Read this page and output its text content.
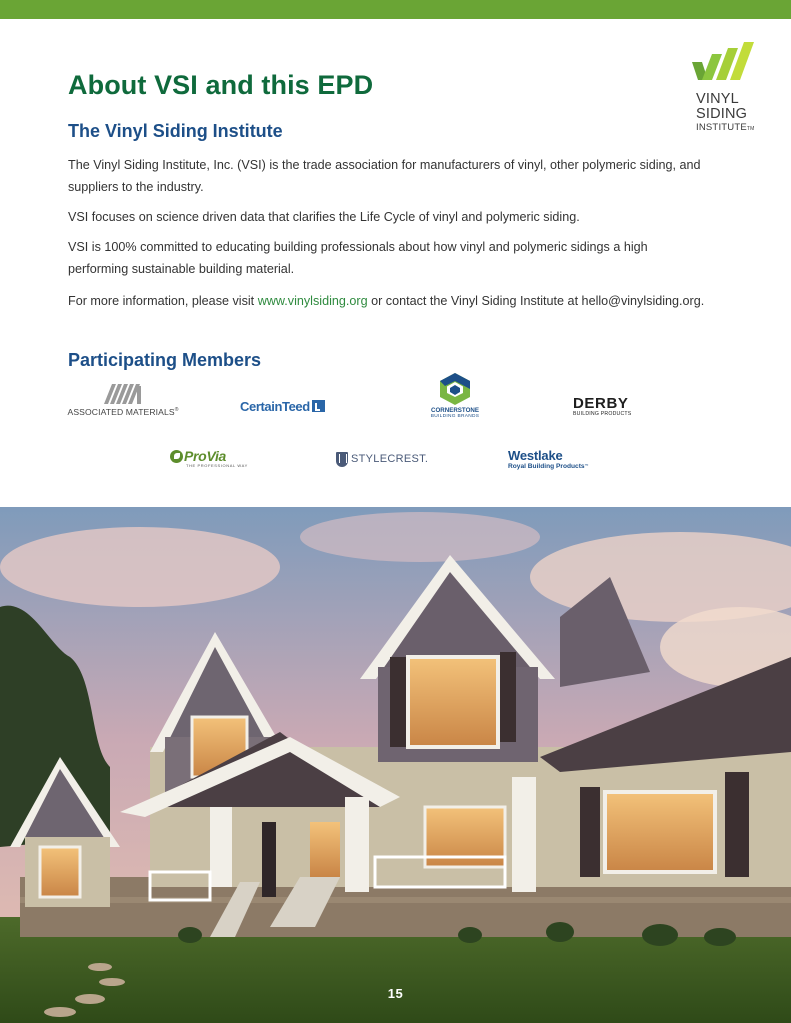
VINYL
SIDING
INSTITUTETM
About VSI and this EPD
The Vinyl Siding Institute

The Vinyl Siding Institute, Inc. (VSI) is the trade association for manufacturers of vinyl, other polymeric siding, and suppliers to the industry.

VSI focuses on science driven data that clarifies the Life Cycle of vinyl and polymeric siding.

VSI is 100% committed to educating building professionals about how vinyl and polymeric sidings a high performing sustainable building material.

For more information, please visit www.vinylsiding.org or contact the Vinyl Siding Institute at hello@vinylsiding.org.

Participating Members
ASSOCIATED MATERIALS®	CertainTeed	CORNERSTONE
BUILDING BRANDS
DERBY
BUILDING PRODUCTS
ProVia
THE PROFESSIONAL WAY
STYLECREST.	Westlake
Royal Building Products™
15
